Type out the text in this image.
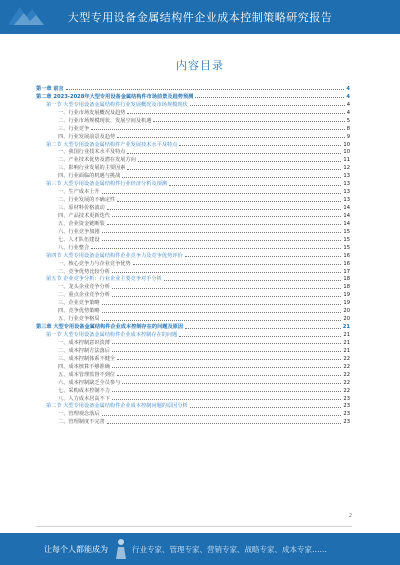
大型专用设备金属结构件企业成本控制策略研究报告
内容目录
第一章 前言	4
第二章 2023-2028年大型专用设备金属结构件市场前景及趋势预测	4
第一节 大型专用设备金属结构件行业发展概况及市场规模现状	4
一、行业市场发展概况及趋势	4
二、行业市场规模现状、发展空间及机遇	5
三、行业竞争	8
四、行业发展前景及趋势	9
第二节 大型专用设备金属结构件产业发展技术水平及特点	10
一、我国行业技术水平及特点	10
二、产业技术优势及潜在发展方向	11
三、影响行业发展的主要因素	12
四、行业面临的机遇与挑战	13
第三节 大型专用设备金属结构件行业经济分析及预测	13
一、生产成本上升	13
二、行业发展的不确定性	13
三、原材料价格波动	14
四、产品技术更新迭代	14
五、企业资金链断裂	14
六、行业竞争加剧	15
七、人才队伍建设	15
八、行业整合	15
第四节 大型专用设备金属结构件企业竞争力及竞争优势评价	16
一、核心竞争力与企业竞争优势	16
二、竞争优势比较分析	17
第五节 企业竞争分析：行业企业主要竞争对手分析	18
一、龙头企业竞争分析	18
二、重点企业竞争分析	19
三、企业竞争策略	19
四、竞争优势策略	20
五、行业竞争格局	20
第三章 大型专用设备金属结构件企业成本控制存在的问题及原因	21
第一节 大型专用设备金属结构件企业成本控制存在的问题	21
一、成本控制意识淡薄	21
二、成本控制方法落后	21
三、成本控制体系不健全	22
四、成本核算不够准确	22
五、成本管理监督不到位	22
六、成本控制缺乏全员参与	22
七、采购成本控制不力	22
八、人力成本居高不下	23
第二节 大型专用设备金属结构件企业成本控制问题的原因分析	23
一、管理观念落后	23
二、管理制度不完善	23
2
让每个人都能成为	行业专家、管理专家、营销专家、战略专家、成本专家……
